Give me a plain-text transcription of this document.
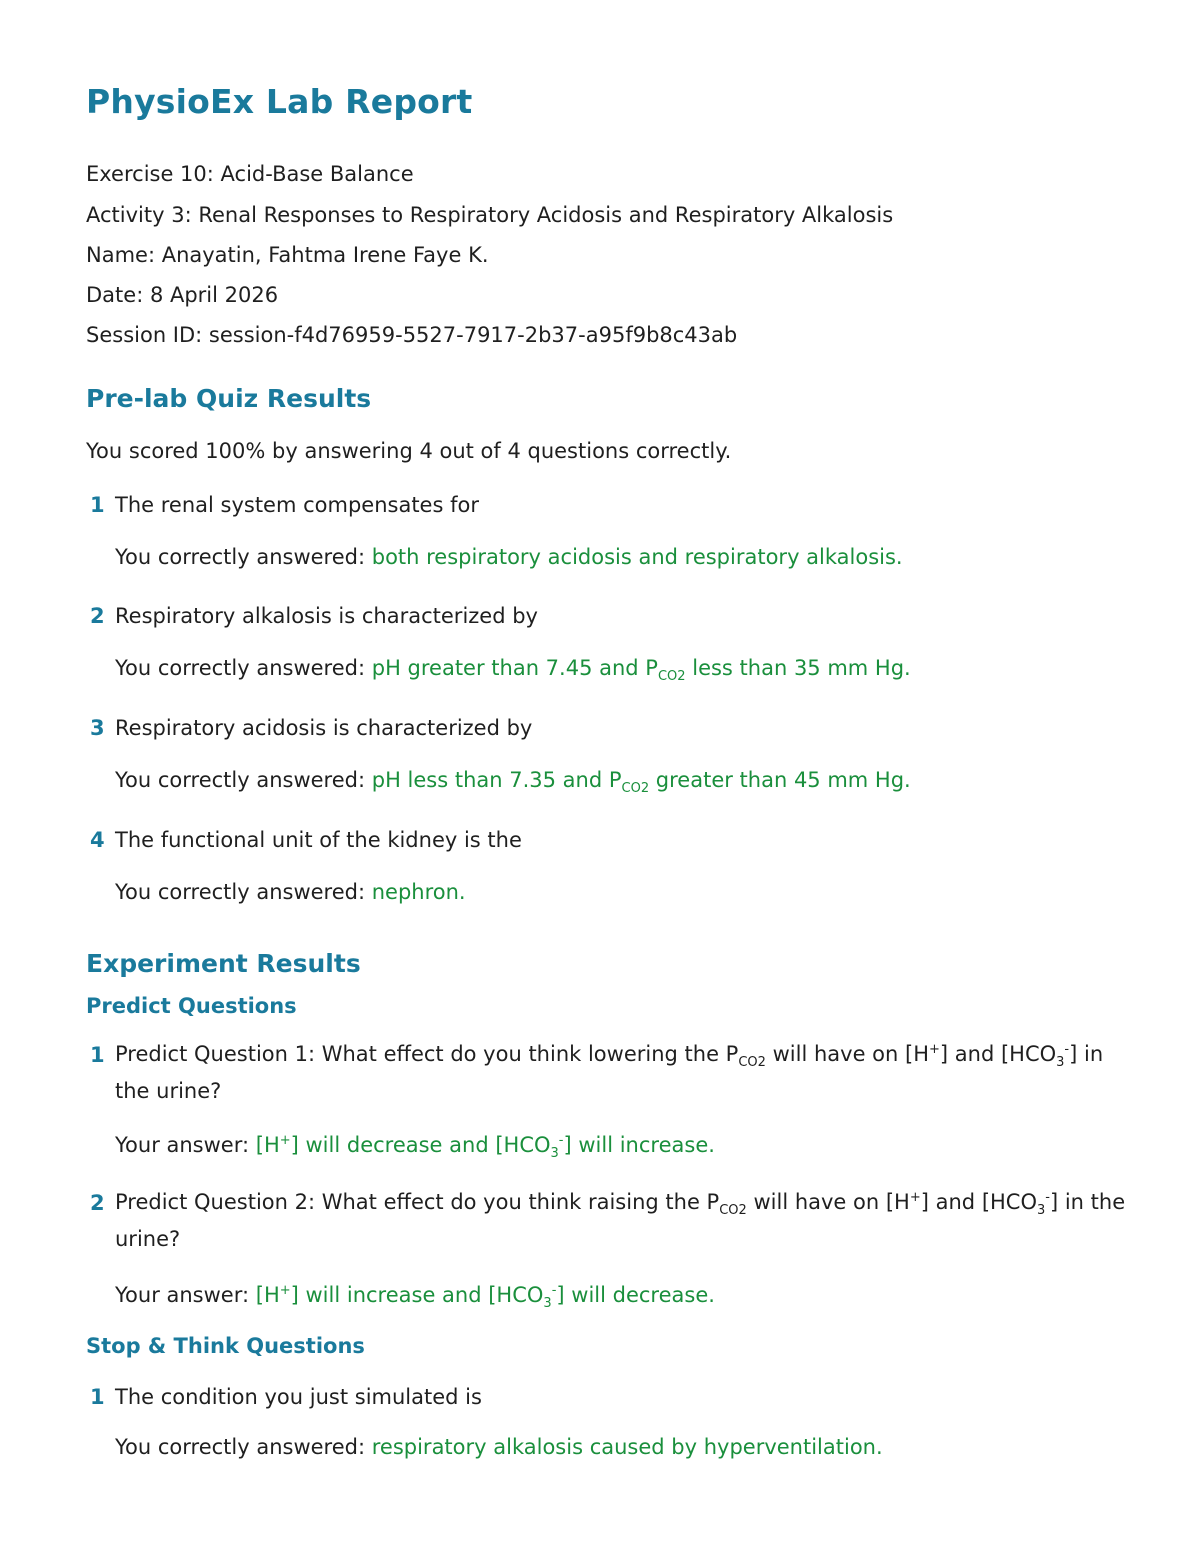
PhysioEx Lab Report

Exercise 10: Acid-Base Balance

Activity 3: Renal Responses to Respiratory Acidosis and Respiratory Alkalosis

Name: Anayatin, Fahtma Irene Faye K.

Date: 8 April 2026

Session ID: session-f4d76959-5527-7917-2b37-a95f9b8c43ab

Pre-lab Quiz Results

You scored 100% by answering 4 out of 4 questions correctly.

1 The renal system compensates for

You correctly answered: both respiratory acidosis and respiratory alkalosis.

2 Respiratory alkalosis is characterized by

You correctly answered: pH greater than 7.45 and $P_{CO2}$ less than 35 mm Hg.

3 Respiratory acidosis is characterized by

You correctly answered: pH less than 7.35 and $P_{CO2}$ greater than 45 mm Hg.

4 The functional unit of the kidney is the

You correctly answered: nephron.

Experiment Results
Predict Questions
1 Predict Question 1: What effect do you think lowering the $P_{CO2}$ will have on [H+] and $[HCO_3^-]$ in the urine?

Your answer: [H+] will decrease and $[HCO_3^-]$ will increase.

2 Predict Question 2: What effect do you think raising the $P_{CO2}$ will have on [H+] and $[HCO_3^-]$ in the urine?

Your answer: [H+] will increase and $[HCO_3^-]$ will decrease.

Stop & Think Questions
1 The condition you just simulated is

You correctly answered: respiratory alkalosis caused by hyperventilation.
